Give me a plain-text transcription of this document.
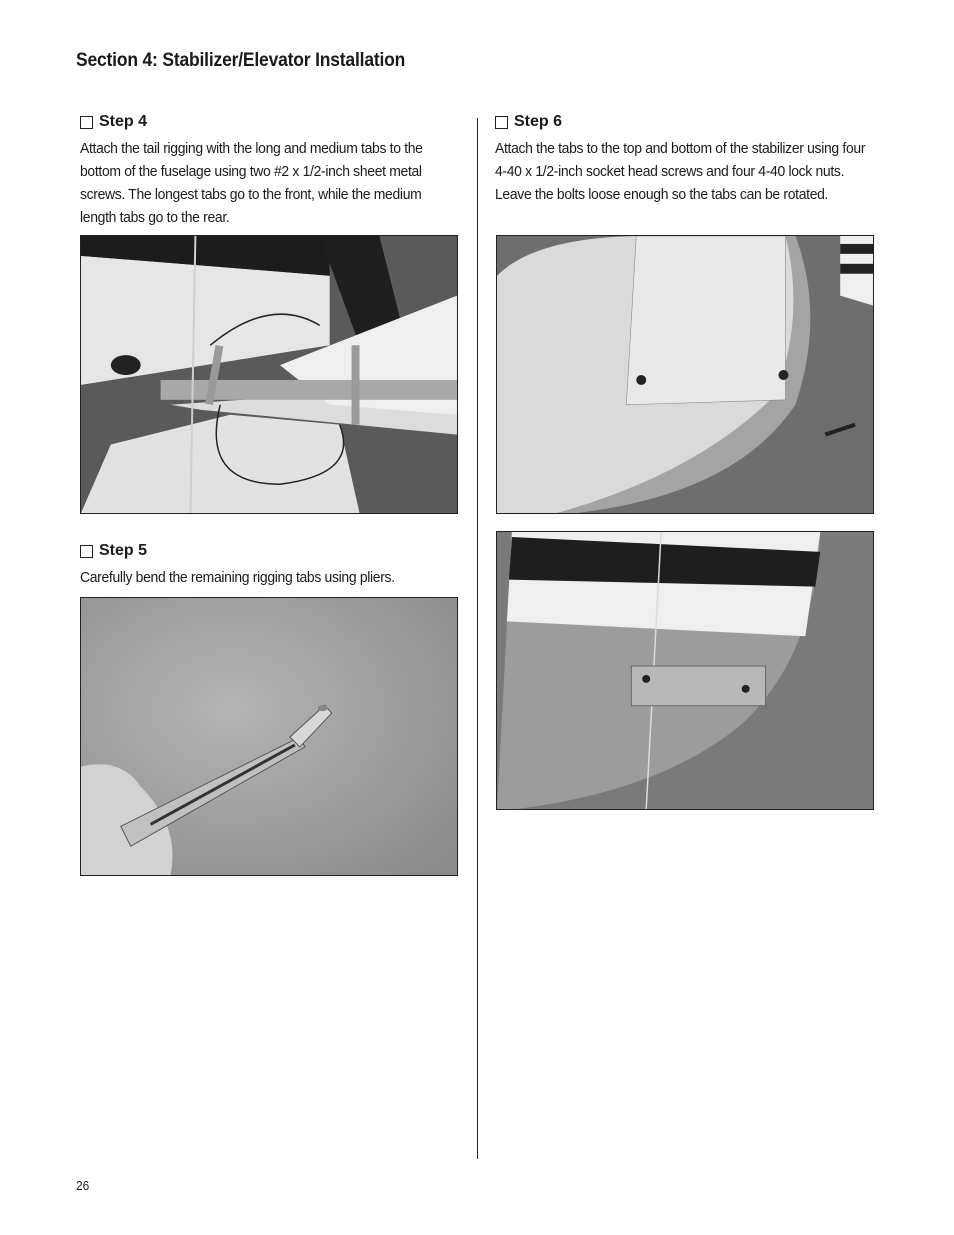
Section 4: Stabilizer/Elevator Installation
Step 4

Attach the tail rigging with the long and medium tabs to the bottom of the fuselage using two #2 x 1/2-inch sheet metal screws. The longest tabs go to the front, while the medium length tabs go to the rear.

Step 5

Carefully bend the remaining rigging tabs using pliers.

Step 6

Attach the tabs to the top and bottom of the stabilizer using four 4-40 x 1/2-inch socket head screws and four 4-40 lock nuts. Leave the bolts loose enough so the tabs can be rotated.

26
